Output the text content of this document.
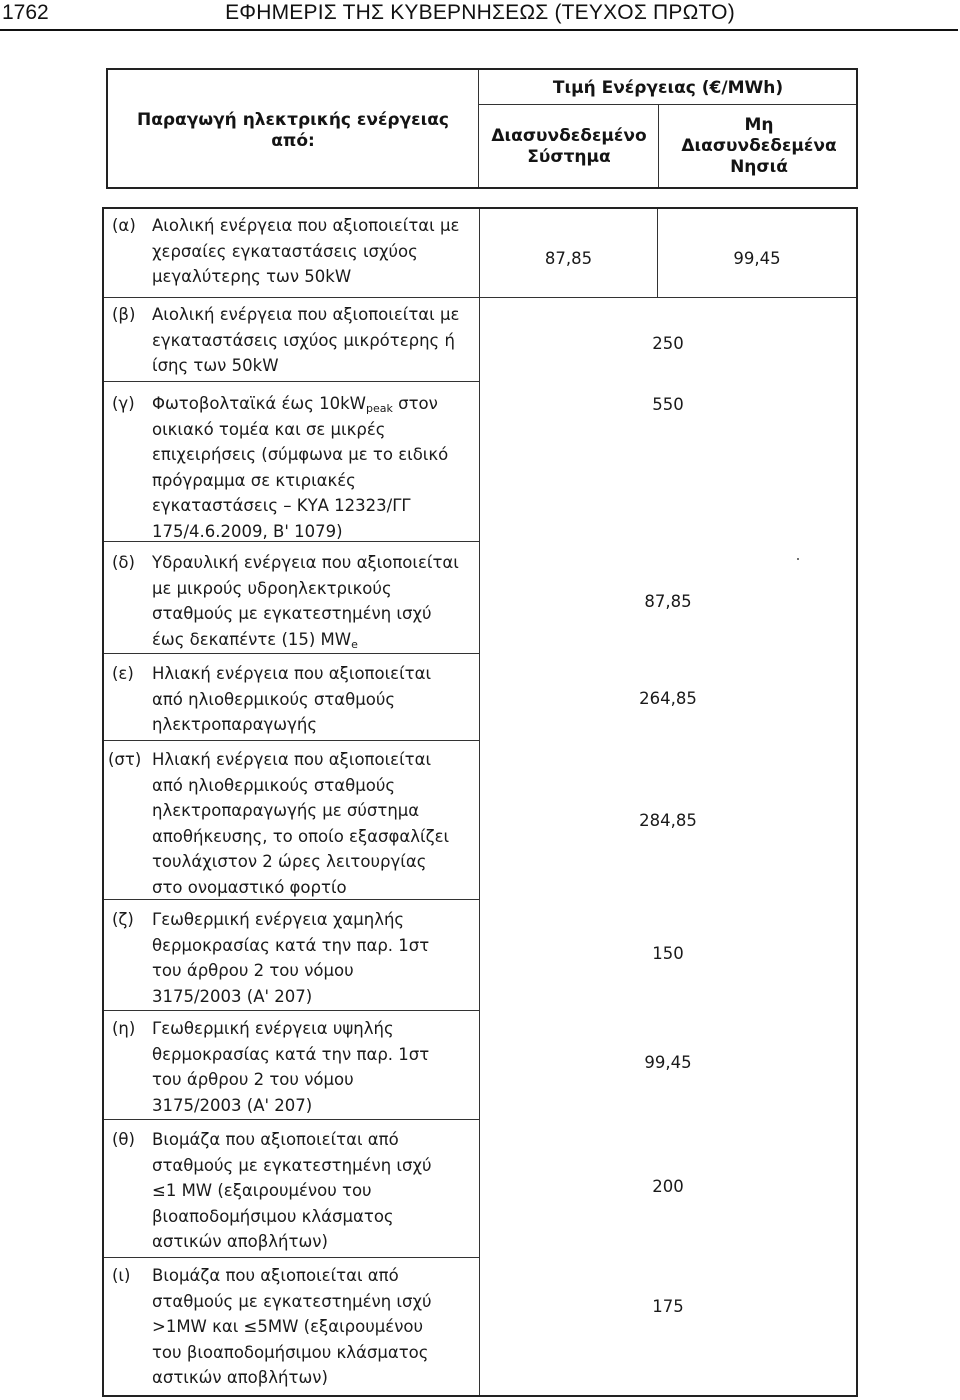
1762	ΕΦΗΜΕΡΙΣ ΤΗΣ ΚΥΒΕΡΝΗΣΕΩΣ (ΤΕΥΧΟΣ ΠΡΩΤΟ)
Παραγωγή ηλεκτρικής ενέργειας
από:
Τιμή Ενέργειας (€/MWh)
Διασυνδεδεμένο
Σύστημα
Μη
Διασυνδεδεμένα
Νησιά
(α) Αιολική ενέργεια που αξιοποιείται με
χερσαίες εγκαταστάσεις ισχύος
μεγαλύτερης των 50kW
87,85	99,45
(β) Αιολική ενέργεια που αξιοποιείται με
εγκαταστάσεις ισχύος μικρότερης ή
ίσης των 50kW
250
(γ) Φωτοβολταϊκά έως $10kW_{peak}$ στον
οικιακό τομέα και σε μικρές
επιχειρήσεις (σύμφωνα με το ειδικό
πρόγραμμα σε κτιριακές
εγκαταστάσεις – ΚΥΑ 12323/ΓΓ
175/4.6.2009, Β' 1079)
550
(δ) Υδραυλική ενέργεια που αξιοποιείται
με μικρούς υδροηλεκτρικούς
σταθμούς με εγκατεστημένη ισχύ
έως δεκαπέντε (15) $MW_e$
87,85
(ε) Ηλιακή ενέργεια που αξιοποιείται
από ηλιοθερμικούς σταθμούς
ηλεκτροπαραγωγής
264,85
(στ) Ηλιακή ενέργεια που αξιοποιείται
από ηλιοθερμικούς σταθμούς
ηλεκτροπαραγωγής με σύστημα
αποθήκευσης, το οποίο εξασφαλίζει
τουλάχιστον 2 ώρες λειτουργίας
στο ονομαστικό φορτίο
284,85
(ζ) Γεωθερμική ενέργεια χαμηλής
θερμοκρασίας κατά την παρ. 1στ
του άρθρου 2 του νόμου
3175/2003 (Α' 207)
150
(η) Γεωθερμική ενέργεια υψηλής
θερμοκρασίας κατά την παρ. 1στ
του άρθρου 2 του νόμου
3175/2003 (Α' 207)
99,45
(θ) Βιομάζα που αξιοποιείται από
σταθμούς με εγκατεστημένη ισχύ
≤1 MW (εξαιρουμένου του
βιοαποδομήσιμου κλάσματος
αστικών αποβλήτων)
200
(ι) Βιομάζα που αξιοποιείται από
σταθμούς με εγκατεστημένη ισχύ
>1MW και ≤5MW (εξαιρουμένου
του βιοαποδομήσιμου κλάσματος
αστικών αποβλήτων)
175
